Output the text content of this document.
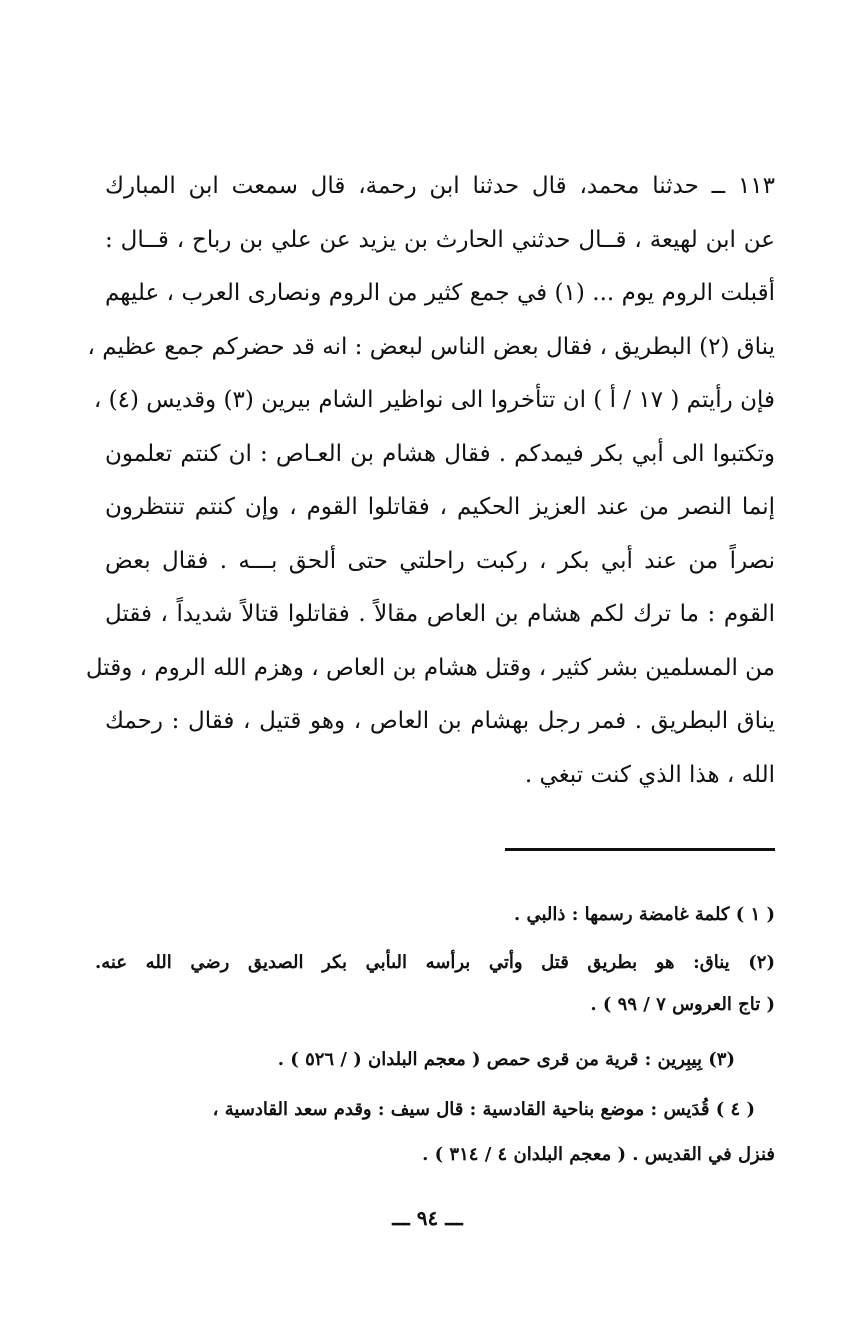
١١٣ ــ حدثنا محمد، قال حدثنا ابن رحمة، قال سمعت ابن المبارك
عن ابن لهيعة ، قــال حدثني الحارث بن يزيد عن علي بن رباح ، قــال :
أقبلت الروم يوم ... (١) في جمع كثير من الروم ونصارى العرب ، عليهم
يناق (٢) البطريق ، فقال بعض الناس لبعض : انه قد حضركم جمع عظيم ،
فإن رأيتم ( ١٧ / أ ) ان تتأخروا الى نواظير الشام بيرين (٣) وقديس (٤) ،
وتكتبوا الى أبي بكر فيمدكم . فقال هشام بن العـاص : ان كنتم تعلمون
إنما النصر من عند العزيز الحكيم ، فقاتلوا القوم ، وإن كنتم تنتظرون
نصراً من عند أبي بكر ، ركبت راحلتي حتى ألحق بـــه . فقال بعض
القوم : ما ترك لكم هشام بن العاص مقالاً . فقاتلوا قتالاً شديداً ، فقتل
من المسلمين بشر كثير ، وقتل هشام بن العاص ، وهزم الله الروم ، وقتل
يناق البطريق . فمر رجل بهشام بن العاص ، وهو قتيل ، فقال : رحمك
الله ، هذا الذي كنت تبغي .
( ١ ) كلمة غامضة رسمها : ذالبي .
(٢) يناق: هو بطريق قتل وأتي برأسه الىأبي بكر الصديق رضي الله عنه.
( تاج العروس ٧ / ٩٩ ) .
(٣) بِيبِرين : قرية من قرى حمص ( معجم البلدان ( / ٥٢٦ ) .
( ٤ ) قُدَيس : موضع بناحية القادسية : قال سيف : وقدم سعد القادسية ،
فنزل في القديس . ( معجم البلدان ٤ / ٣١٤ ) .
ـــ ٩٤ ـــ
